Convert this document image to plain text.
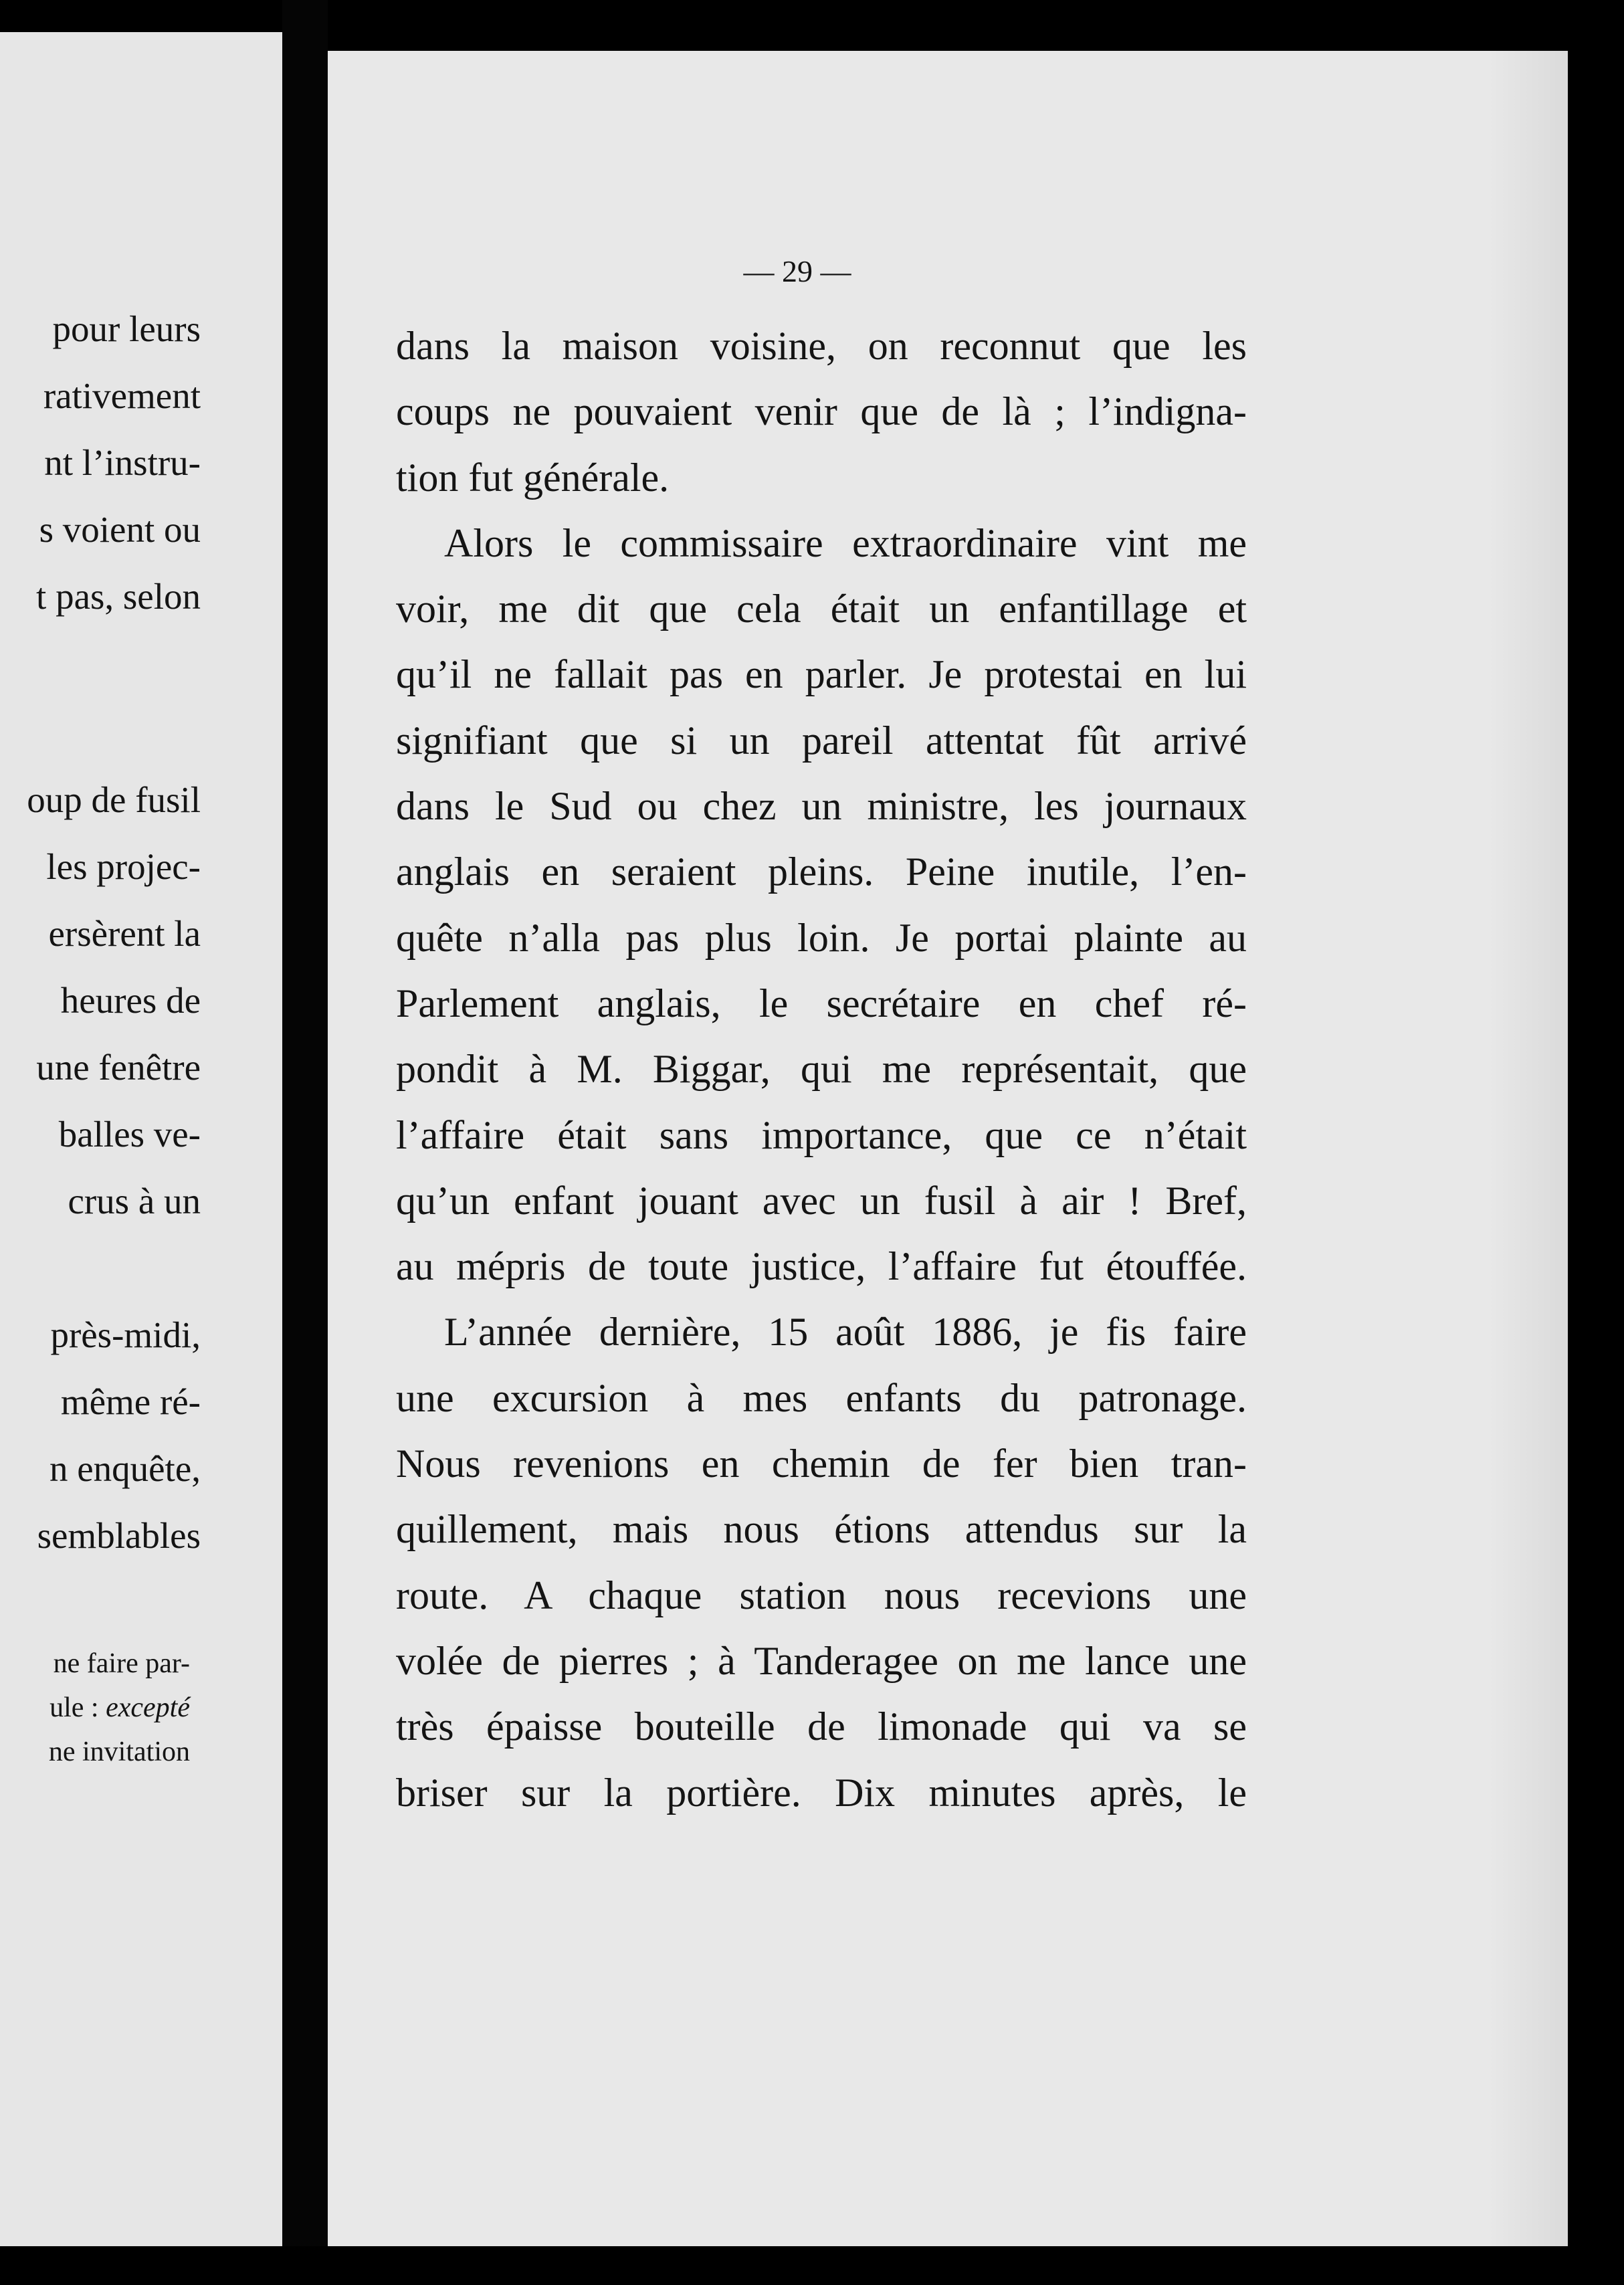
pour leurs
rativement
nt l’instru-
s voient ou
t pas, selon
oup de fusil
les projec-
ersèrent la
heures de
une fenêtre
balles ve-
crus à un
près-midi,
même ré-
n enquête,
semblables
ne faire par-
ule : excepté
ne invitation
— 29 —
dans la maison voisine, on reconnut que les
coups ne pouvaient venir que de là ; l’indigna-
tion fut générale.
Alors le commissaire extraordinaire vint me
voir, me dit que cela était un enfantillage et
qu’il ne fallait pas en parler. Je protestai en lui
signifiant que si un pareil attentat fût arrivé
dans le Sud ou chez un ministre, les journaux
anglais en seraient pleins. Peine inutile, l’en-
quête n’alla pas plus loin. Je portai plainte au
Parlement anglais, le secrétaire en chef ré-
pondit à M. Biggar, qui me représentait, que
l’affaire était sans importance, que ce n’était
qu’un enfant jouant avec un fusil à air ! Bref,
au mépris de toute justice, l’affaire fut étouffée.
L’année dernière, 15 août 1886, je fis faire
une excursion à mes enfants du patronage.
Nous revenions en chemin de fer bien tran-
quillement, mais nous étions attendus sur la
route. A chaque station nous recevions une
volée de pierres ; à Tanderagee on me lance une
très épaisse bouteille de limonade qui va se
briser sur la portière. Dix minutes après, le
